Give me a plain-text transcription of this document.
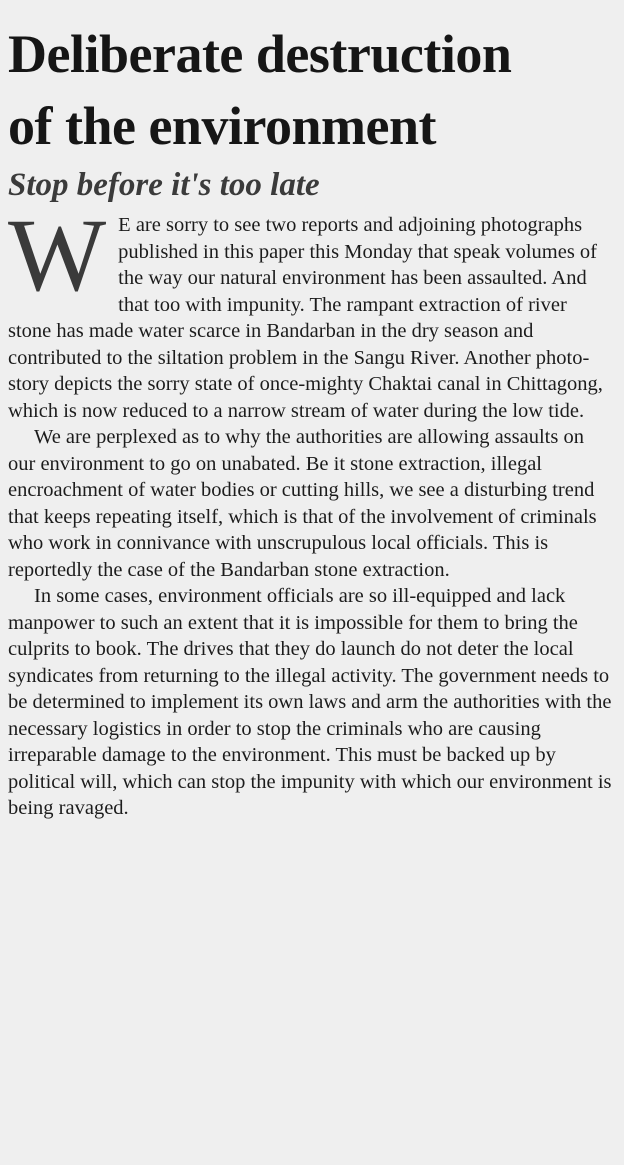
Deliberate destruction of the environment
Stop before it's too late

W E are sorry to see two reports and adjoining photographs published in this paper this Monday that speak volumes of the way our natural environment has been assaulted. And that too with impunity. The rampant extraction of river stone has made water scarce in Bandarban in the dry season and contributed to the siltation problem in the Sangu River. Another photo-story depicts the sorry state of once-mighty Chaktai canal in Chittagong, which is now reduced to a narrow stream of water during the low tide.

We are perplexed as to why the authorities are allowing assaults on our environment to go on unabated. Be it stone extraction, illegal encroachment of water bodies or cutting hills, we see a disturbing trend that keeps repeating itself, which is that of the involvement of criminals who work in connivance with unscrupulous local officials. This is reportedly the case of the Bandarban stone extraction.

In some cases, environment officials are so ill-equipped and lack manpower to such an extent that it is impossible for them to bring the culprits to book. The drives that they do launch do not deter the local syndicates from returning to the illegal activity. The government needs to be determined to implement its own laws and arm the authorities with the necessary logistics in order to stop the criminals who are causing irreparable damage to the environment. This must be backed up by political will, which can stop the impunity with which our environment is being ravaged.
